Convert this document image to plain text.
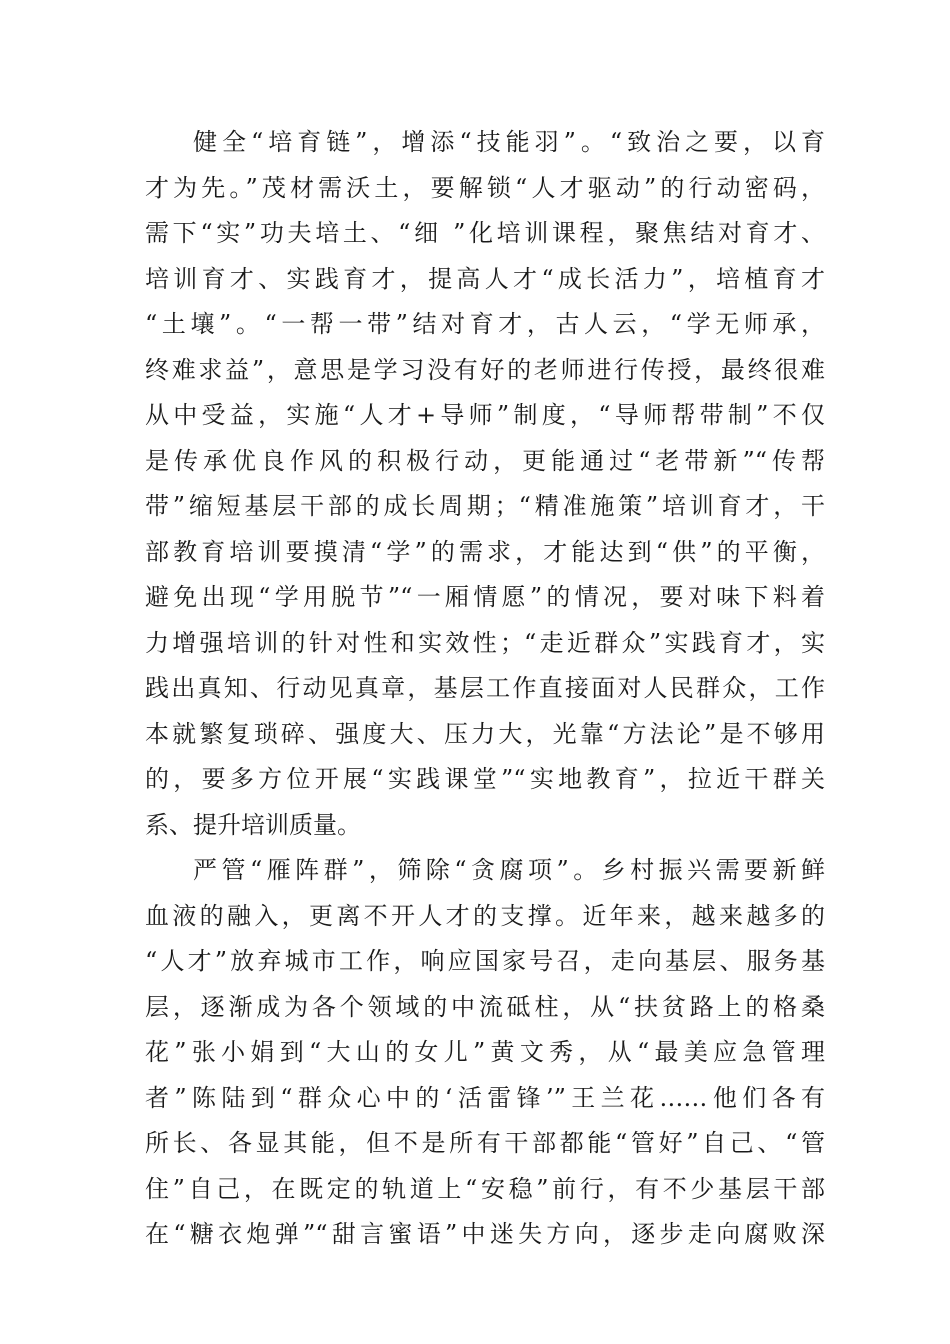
健全“培育链”，增添“技能羽”。“致治之要，以育
才为先。”茂材需沃土，要解锁“人才驱动”的行动密码，
需下“实”功夫培土、“细 ”化培训课程，聚焦结对育才、
培训育才、实践育才，提高人才“成长活力”，培植育才
“土壤”。“一帮一带”结对育才，古人云，“学无师承，
终难求益”，意思是学习没有好的老师进行传授，最终很难
从中受益，实施“人才+导师”制度，“导师帮带制”不仅
是传承优良作风的积极行动，更能通过“老带新”“传帮
带”缩短基层干部的成长周期；“精准施策”培训育才，干
部教育培训要摸清“学”的需求，才能达到“供”的平衡，
避免出现“学用脱节”“一厢情愿”的情况，要对味下料着
力增强培训的针对性和实效性；“走近群众”实践育才，实
践出真知、行动见真章，基层工作直接面对人民群众，工作
本就繁复琐碎、强度大、压力大，光靠“方法论”是不够用
的，要多方位开展“实践课堂”“实地教育”，拉近干群关
系、提升培训质量。
严管“雁阵群”，筛除“贪腐项”。乡村振兴需要新鲜
血液的融入，更离不开人才的支撑。近年来，越来越多的
“人才”放弃城市工作，响应国家号召，走向基层、服务基
层，逐渐成为各个领域的中流砥柱，从“扶贫路上的格桑
花”张小娟到“大山的女儿”黄文秀，从“最美应急管理
者”陈陆到“群众心中的‘活雷锋’”王兰花……他们各有
所长、各显其能，但不是所有干部都能“管好”自己、“管
住”自己，在既定的轨道上“安稳”前行，有不少基层干部
在“糖衣炮弹”“甜言蜜语”中迷失方向，逐步走向腐败深
